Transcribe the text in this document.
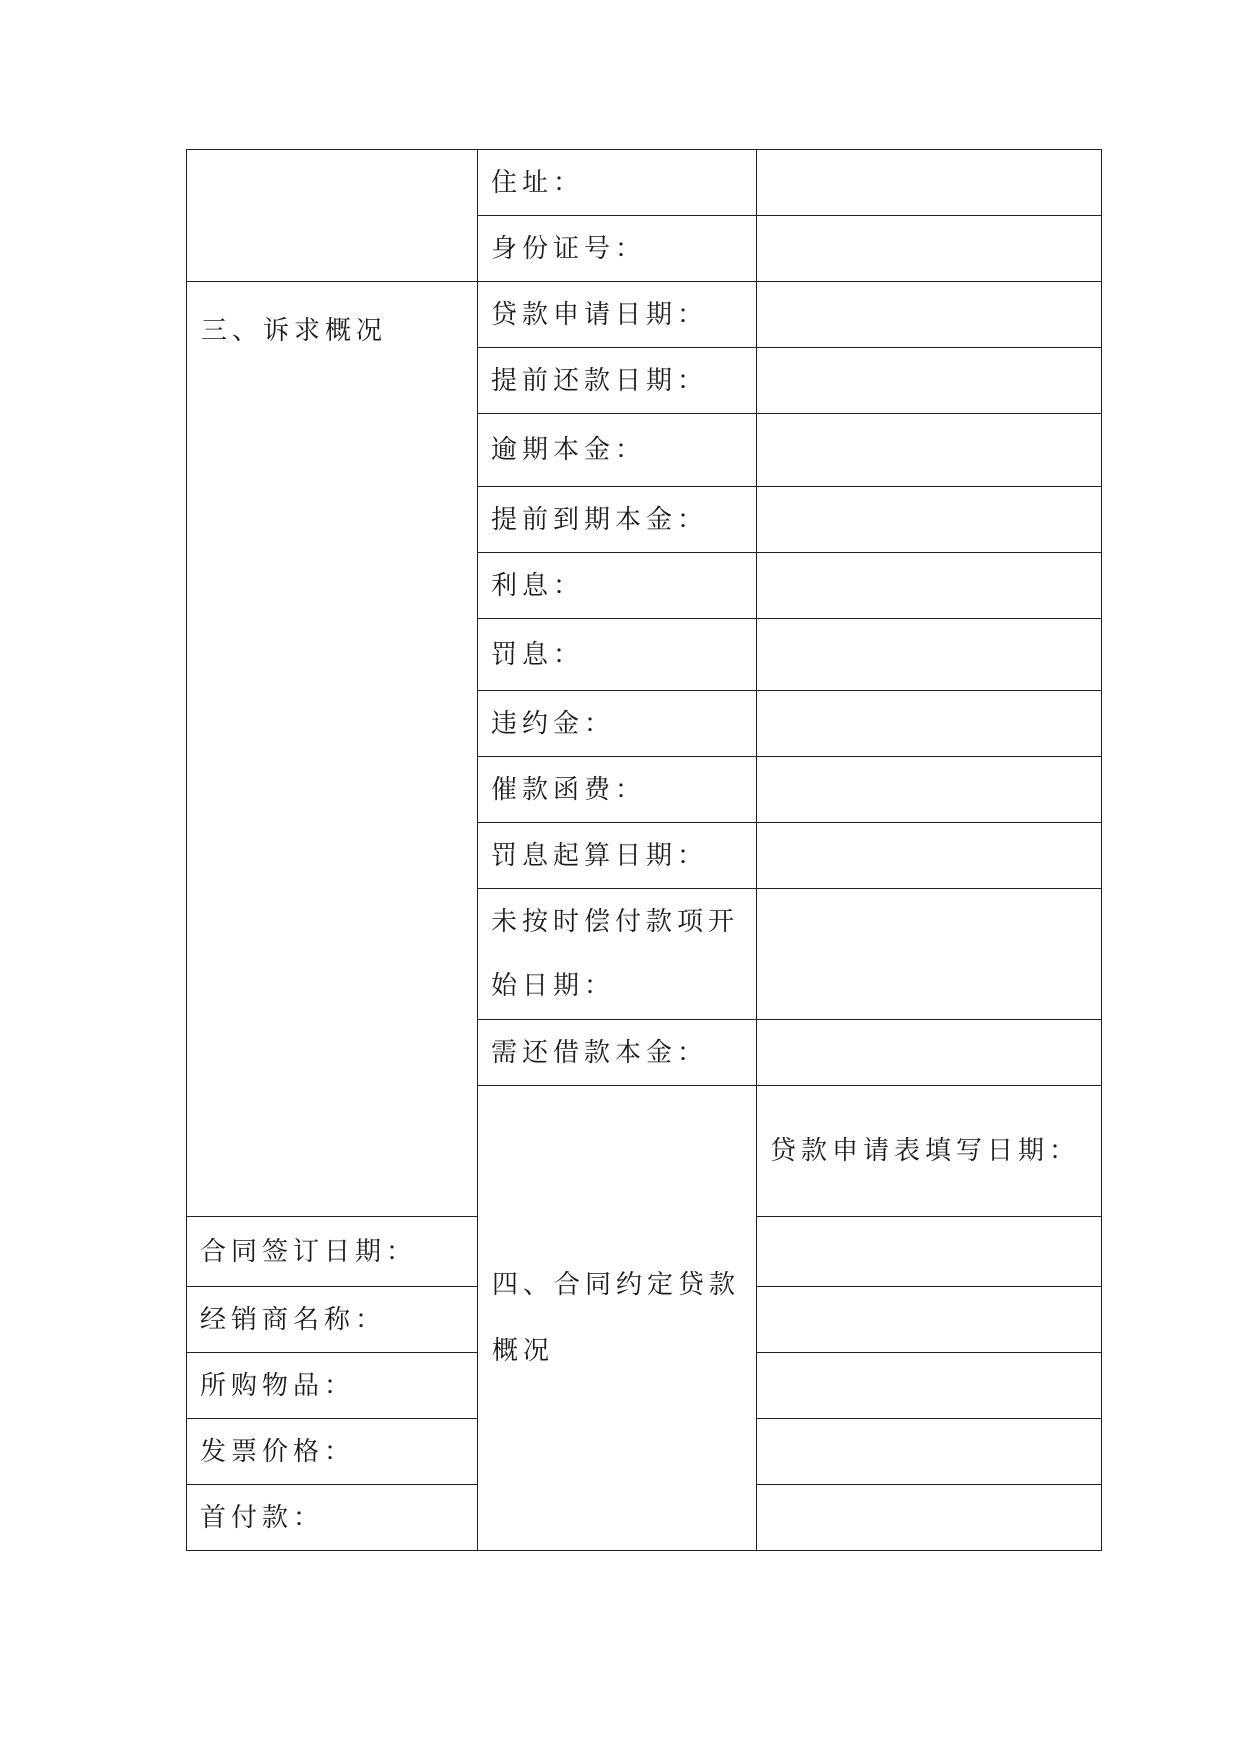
	住址：		

	身份证号：		

三、诉求概况	贷款申请日期：		

	提前还款日期：		

	逾期本金：		

	提前到期本金：		

	利息：		

	罚息：		

	违约金：		

	催款函费：		

	罚息起算日期：		

	未按时偿付款项开始日期：		

	需还借款本金：		

	四、合同约定贷款概况	贷款申请表填写日期：	

合同签订日期：			

经销商名称：			

所购物品：			

发票价格：			

首付款：			
